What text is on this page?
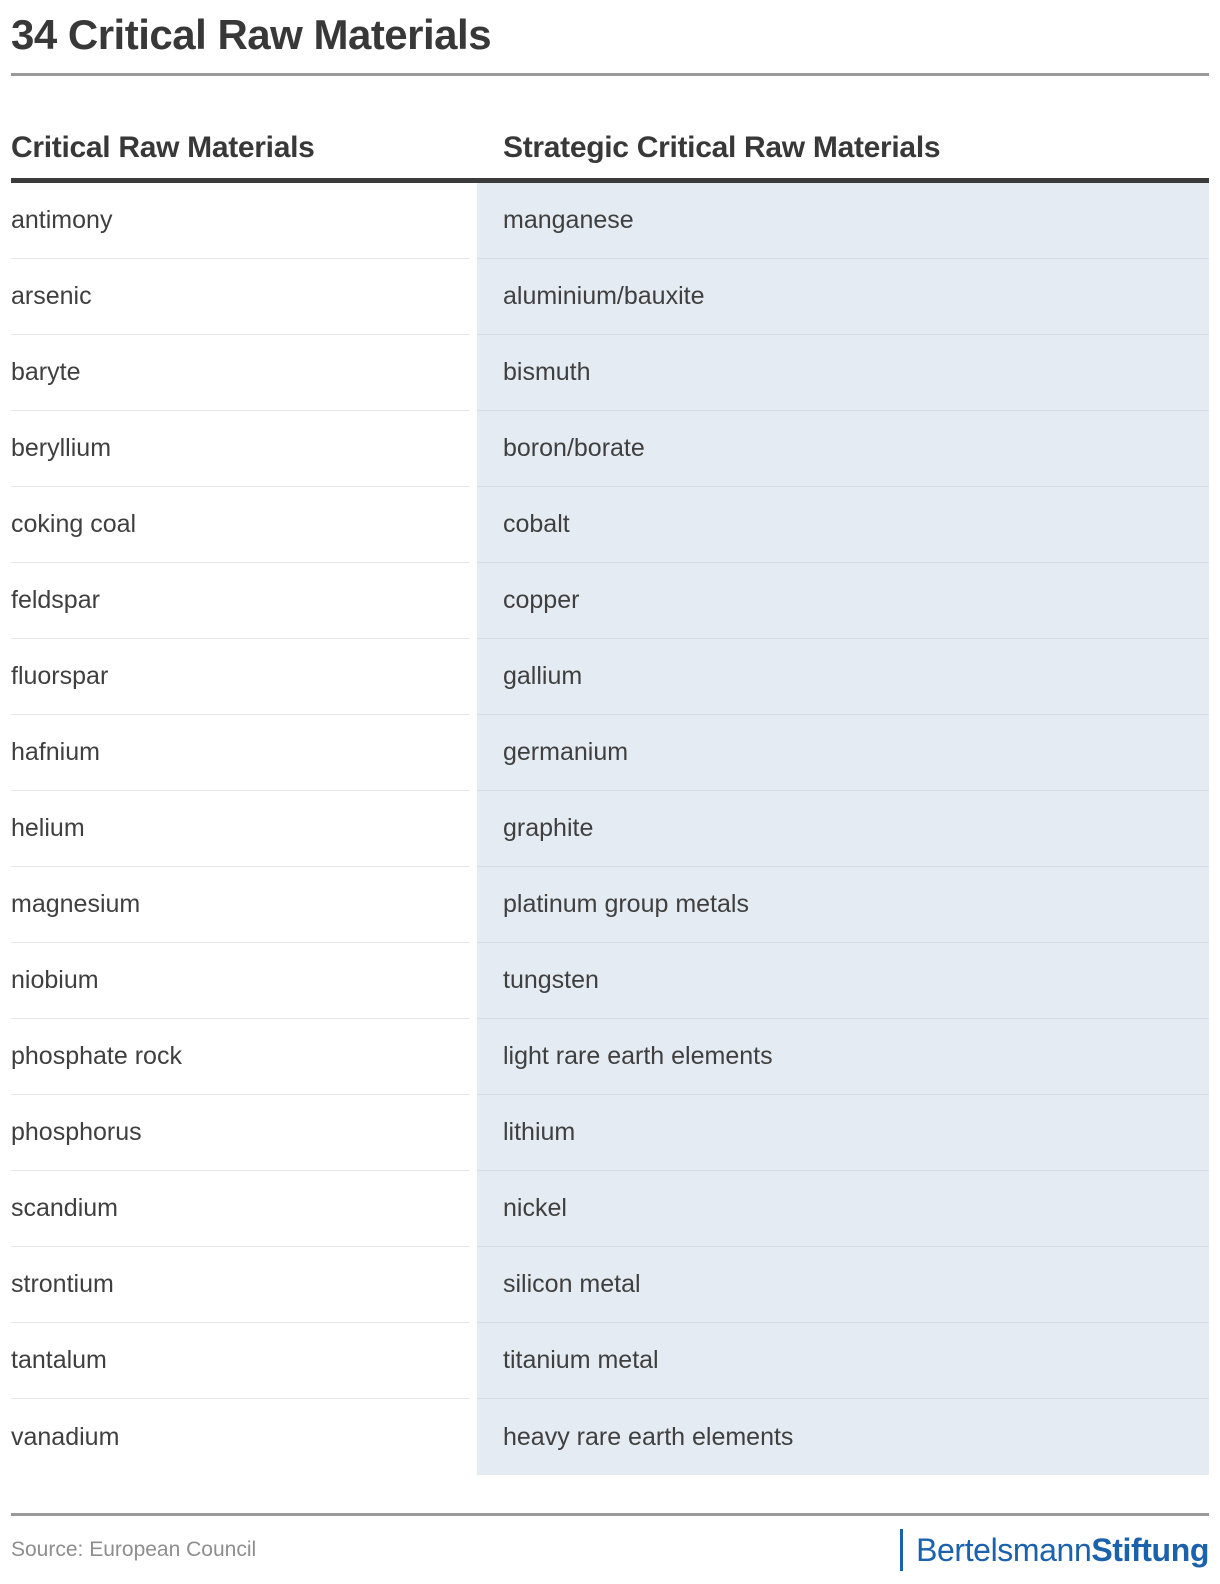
34 Critical Raw Materials
Critical Raw Materials	Strategic Critical Raw Materials
antimony	manganese
arsenic	aluminium/bauxite
baryte	bismuth
beryllium	boron/borate
coking coal	cobalt
feldspar	copper
fluorspar	gallium
hafnium	germanium
helium	graphite
magnesium	platinum group metals
niobium	tungsten
phosphate rock	light rare earth elements
phosphorus	lithium
scandium	nickel
strontium	silicon metal
tantalum	titanium metal
vanadium	heavy rare earth elements
Source: European Council	BertelsmannStiftung
